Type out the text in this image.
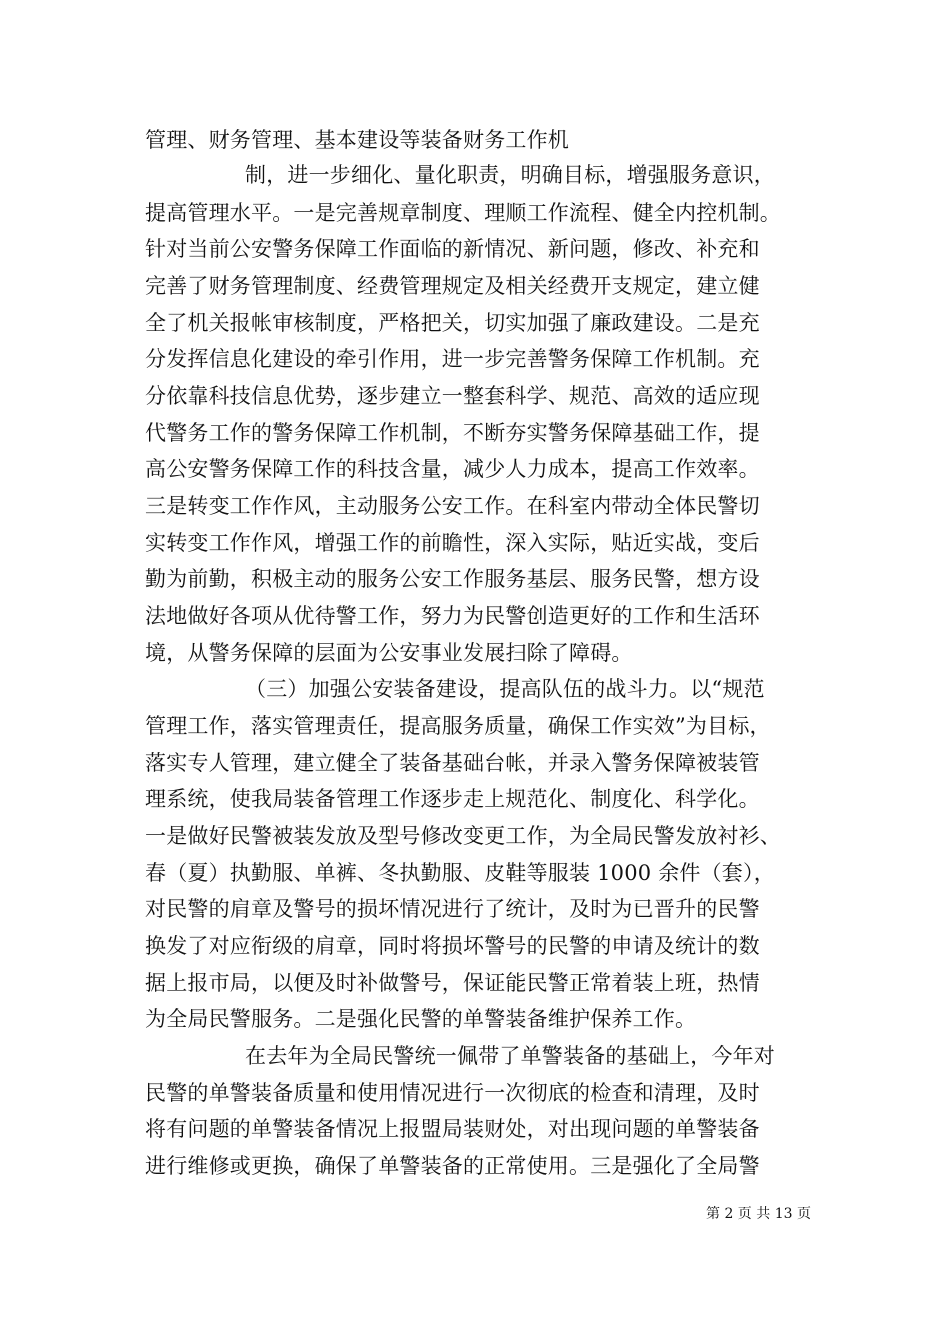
管理、财务管理、基本建设等装备财务工作机
制，进一步细化、量化职责，明确目标，增强服务意识，
提高管理水平。一是完善规章制度、理顺工作流程、健全内控机制。
针对当前公安警务保障工作面临的新情况、新问题，修改、补充和
完善了财务管理制度、经费管理规定及相关经费开支规定，建立健
全了机关报帐审核制度，严格把关，切实加强了廉政建设。二是充
分发挥信息化建设的牵引作用，进一步完善警务保障工作机制。充
分依靠科技信息优势，逐步建立一整套科学、规范、高效的适应现
代警务工作的警务保障工作机制，不断夯实警务保障基础工作，提
高公安警务保障工作的科技含量，减少人力成本，提高工作效率。
三是转变工作作风，主动服务公安工作。在科室内带动全体民警切
实转变工作作风，增强工作的前瞻性，深入实际，贴近实战，变后
勤为前勤，积极主动的服务公安工作服务基层、服务民警，想方设
法地做好各项从优待警工作，努力为民警创造更好的工作和生活环
境，从警务保障的层面为公安事业发展扫除了障碍。
（三）加强公安装备建设，提高队伍的战斗力。以“规范
管理工作，落实管理责任，提高服务质量，确保工作实效”为目标，
落实专人管理，建立健全了装备基础台帐，并录入警务保障被装管
理系统，使我局装备管理工作逐步走上规范化、制度化、科学化。
一是做好民警被装发放及型号修改变更工作，为全局民警发放衬衫、
春（夏）执勤服、单裤、冬执勤服、皮鞋等服装 1000 余件（套），
对民警的肩章及警号的损坏情况进行了统计，及时为已晋升的民警
换发了对应衔级的肩章，同时将损坏警号的民警的申请及统计的数
据上报市局，以便及时补做警号，保证能民警正常着装上班，热情
为全局民警服务。二是强化民警的单警装备维护保养工作。
在去年为全局民警统一佩带了单警装备的基础上，今年对
民警的单警装备质量和使用情况进行一次彻底的检查和清理，及时
将有问题的单警装备情况上报盟局装财处，对出现问题的单警装备
进行维修或更换，确保了单警装备的正常使用。三是强化了全局警
第 2 页 共 13 页
